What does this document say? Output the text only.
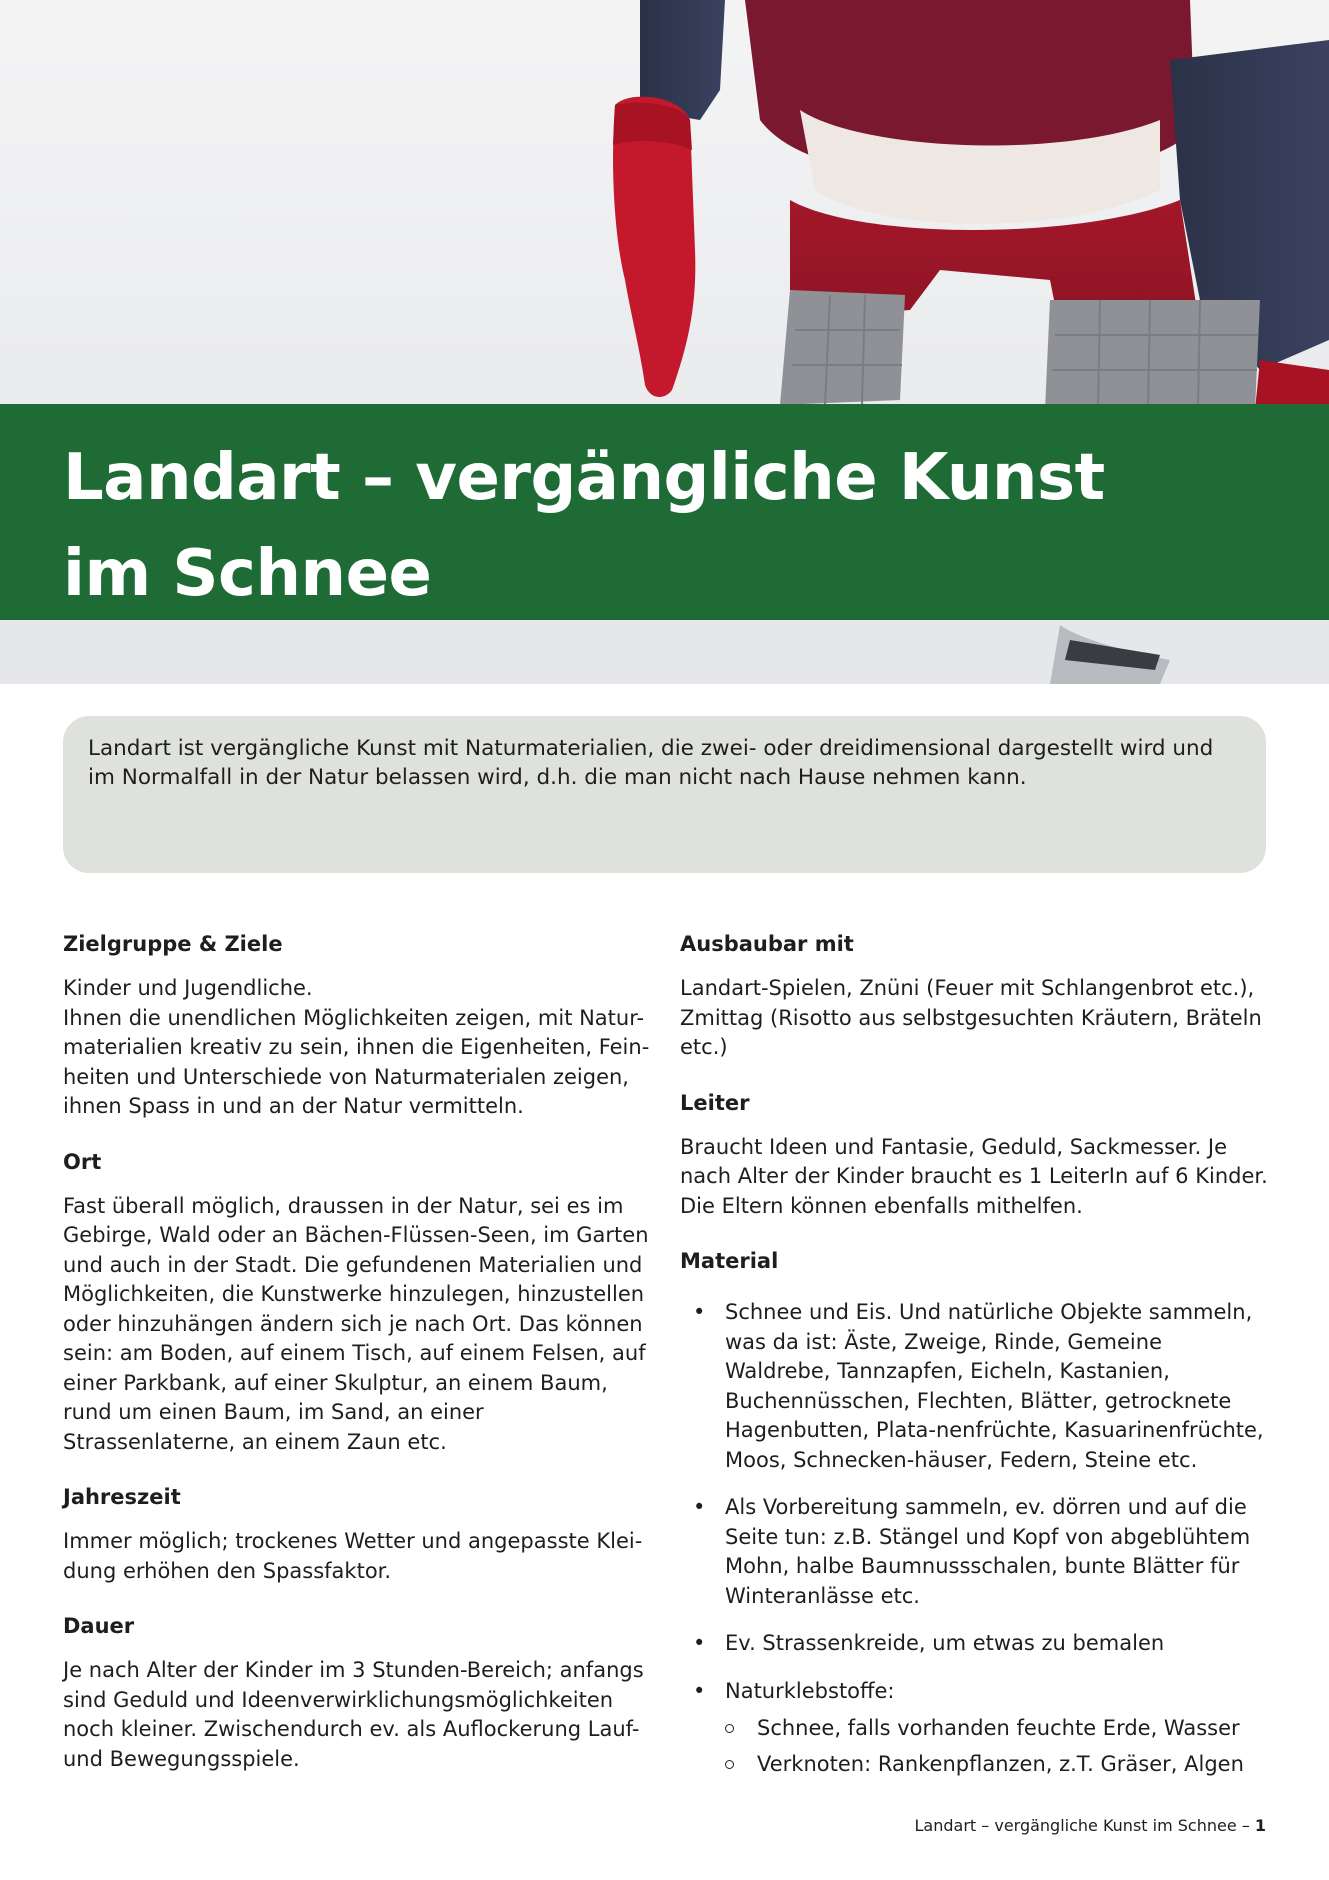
Landart – vergängliche Kunst
im Schnee

Landart ist vergängliche Kunst mit Naturmaterialien, die zwei- oder dreidimensional dargestellt wird und im Normalfall in der Natur belassen wird, d.h. die man nicht nach Hause nehmen kann.

Zielgruppe & Ziele

Kinder und Jugendliche.

Ihnen die unendlichen Möglichkeiten zeigen, mit Natur-materialien kreativ zu sein, ihnen die Eigenheiten, Fein-heiten und Unterschiede von Naturmaterialen zeigen, ihnen Spass in und an der Natur vermitteln.

Ort

Fast überall möglich, draussen in der Natur, sei es im Gebirge, Wald oder an Bächen-Flüssen-Seen, im Garten und auch in der Stadt. Die gefundenen Materialien und Möglichkeiten, die Kunstwerke hinzulegen, hinzustellen oder hinzuhängen ändern sich je nach Ort. Das können sein: am Boden, auf einem Tisch, auf einem Felsen, auf einer Parkbank, auf einer Skulptur, an einem Baum, rund um einen Baum, im Sand, an einer Strassenlaterne, an einem Zaun etc.

Jahreszeit

Immer möglich; trockenes Wetter und angepasste Klei-dung erhöhen den Spassfaktor.

Dauer

Je nach Alter der Kinder im 3 Stunden-Bereich; anfangs sind Geduld und Ideenverwirklichungsmöglichkeiten noch kleiner. Zwischendurch ev. als Auflockerung Lauf- und Bewegungsspiele.

Ausbaubar mit

Landart-Spielen, Znüni (Feuer mit Schlangenbrot etc.), Zmittag (Risotto aus selbstgesuchten Kräutern, Bräteln etc.)

Leiter

Braucht Ideen und Fantasie, Geduld, Sackmesser. Je nach Alter der Kinder braucht es 1 LeiterIn auf 6 Kinder. Die Eltern können ebenfalls mithelfen.

Material
• Schnee und Eis. Und natürliche Objekte sammeln, was da ist: Äste, Zweige, Rinde, Gemeine Waldrebe, Tannzapfen, Eicheln, Kastanien, Buchennüsschen, Flechten, Blätter, getrocknete Hagenbutten, Plata-nenfrüchte, Kasuarinenfrüchte, Moos, Schnecken-häuser, Federn, Steine etc.
• Als Vorbereitung sammeln, ev. dörren und auf die Seite tun: z.B. Stängel und Kopf von abgeblühtem Mohn, halbe Baumnussschalen, bunte Blätter für Winteranlässe etc.
• Ev. Strassenkreide, um etwas zu bemalen
• Naturklebstoffe:
Schnee, falls vorhanden feuchte Erde, Wasser
Verknoten: Rankenpflanzen, z.T. Gräser, Algen
Landart – vergängliche Kunst im Schnee – 1
